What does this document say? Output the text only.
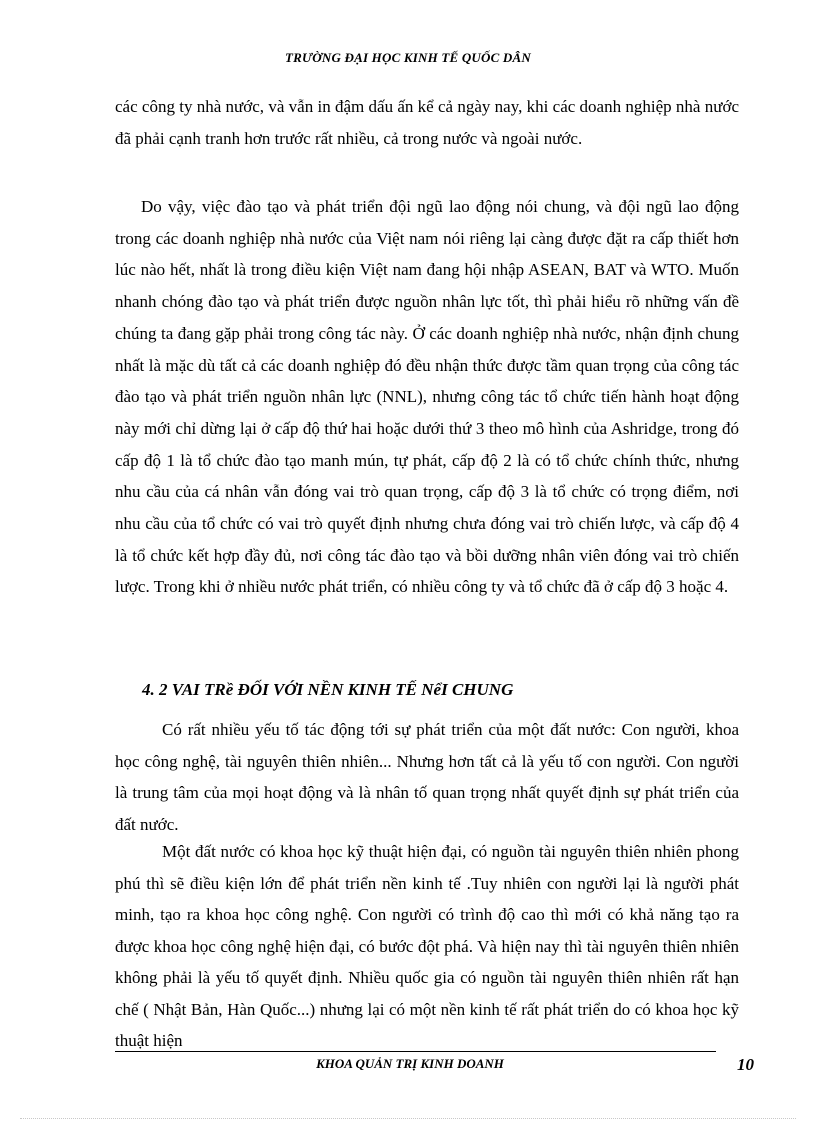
TRƯỜNG ĐẠI HỌC KINH TẾ QUỐC DÂN

các công ty nhà nước, và vẫn in đậm dấu ấn kể cả ngày nay, khi các doanh nghiệp nhà nước đã phải cạnh tranh hơn trước rất nhiều, cả trong nước và ngoài nước.

Do vậy, việc đào tạo và phát triển đội ngũ lao động nói chung, và đội ngũ lao động trong các doanh nghiệp nhà nước của Việt nam nói riêng lại càng được đặt ra cấp thiết hơn lúc nào hết, nhất là trong điều kiện Việt nam đang hội nhập ASEAN, BAT và WTO. Muốn nhanh chóng đào tạo và phát triển được nguồn nhân lực tốt, thì phải hiểu rõ những vấn đề chúng ta đang gặp phải trong công tác này. Ở các doanh nghiệp nhà nước, nhận định chung nhất là mặc dù tất cả các doanh nghiệp đó đều nhận thức được tầm quan trọng của công tác đào tạo và phát triển nguồn nhân lực (NNL), nhưng công tác tổ chức tiến hành hoạt động này mới chỉ dừng lại ở cấp độ thứ hai hoặc dưới thứ 3 theo mô hình của Ashridge, trong đó cấp độ 1 là tổ chức đào tạo manh mún, tự phát, cấp độ 2 là có tổ chức chính thức, nhưng nhu cầu của cá nhân vẫn đóng vai trò quan trọng, cấp độ 3 là tổ chức có trọng điểm, nơi nhu cầu của tổ chức có vai trò quyết định nhưng chưa đóng vai trò chiến lược, và cấp độ 4 là tổ chức kết hợp đầy đủ, nơi công tác đào tạo và bồi dưỡng nhân viên đóng vai trò chiến lược. Trong khi ở nhiều nước phát triển, có nhiều công ty và tổ chức đã ở cấp độ 3 hoặc 4.

4. 2 VAI TRề ĐỐI VỚI NỀN KINH TẾ NểI CHUNG

Có rất nhiều yếu tố tác động tới sự phát triển của một đất nước: Con người, khoa học công nghệ, tài nguyên thiên nhiên... Nhưng hơn tất cả là yếu tố con người. Con người là trung tâm của mọi hoạt động và là nhân tố quan trọng nhất quyết định sự phát triển của đất nước.

Một đất nước có khoa học kỹ thuật hiện đại, có nguồn tài nguyên thiên nhiên phong phú thì sẽ điều kiện lớn để phát triển nền kinh tế .Tuy nhiên con người lại là người phát minh, tạo ra khoa học công nghệ. Con người có trình độ cao thì mới có khả năng tạo ra được khoa học công nghệ hiện đại, có bước đột phá. Và hiện nay thì tài nguyên thiên nhiên không phải là yếu tố quyết định. Nhiều quốc gia có nguồn tài nguyên thiên nhiên rất hạn chế ( Nhật Bản, Hàn Quốc...) nhưng lại có một nền kinh tế rất phát triển do có khoa học kỹ thuật hiện

KHOA QUẢN TRỊ KINH DOANH	10
